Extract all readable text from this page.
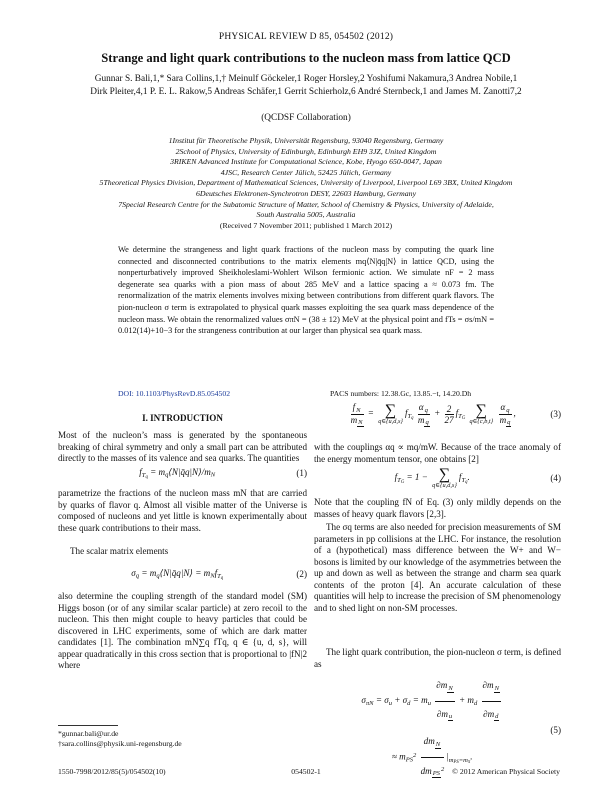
PHYSICAL REVIEW D 85, 054502 (2012)
Strange and light quark contributions to the nucleon mass from lattice QCD
Gunnar S. Bali,1,* Sara Collins,1,† Meinulf Göckeler,1 Roger Horsley,2 Yoshifumi Nakamura,3 Andrea Nobile,1
Dirk Pleiter,4,1 P. E. L. Rakow,5 Andreas Schäfer,1 Gerrit Schierholz,6 André Sternbeck,1 and James M. Zanotti7,2
(QCDSF Collaboration)
1Institut für Theoretische Physik, Universität Regensburg, 93040 Regensburg, Germany
2School of Physics, University of Edinburgh, Edinburgh EH9 3JZ, United Kingdom
3RIKEN Advanced Institute for Computational Science, Kobe, Hyogo 650-0047, Japan
4JSC, Research Center Jülich, 52425 Jülich, Germany
5Theoretical Physics Division, Department of Mathematical Sciences, University of Liverpool, Liverpool L69 3BX, United Kingdom
6Deutsches Elektronen-Synchrotron DESY, 22603 Hamburg, Germany
7Special Research Centre for the Subatomic Structure of Matter, School of Chemistry & Physics, University of Adelaide,
South Australia 5005, Australia
(Received 7 November 2011; published 1 March 2012)
We determine the strangeness and light quark fractions of the nucleon mass by computing the quark line connected and disconnected contributions to the matrix elements mq⟨N|q̄q|N⟩ in lattice QCD, using the nonperturbatively improved Sheikholeslami-Wohlert Wilson fermionic action. We simulate nF = 2 mass degenerate sea quarks with a pion mass of about 285 MeV and a lattice spacing a ≈ 0.073 fm. The renormalization of the matrix elements involves mixing between contributions from different quark flavors. The pion-nucleon σ term is extrapolated to physical quark masses exploiting the sea quark mass dependence of the nucleon mass. We obtain the renormalized values σπN = (38 ± 12) MeV at the physical point and fTs = σs/mN = 0.012(14)+10−3 for the strangeness contribution at our larger than physical sea quark mass.
DOI: 10.1103/PhysRevD.85.054502	PACS numbers: 12.38.Gc, 13.85.−t, 14.20.Dh
I. INTRODUCTION
Most of the nucleon’s mass is generated by the spontaneous breaking of chiral symmetry and only a small part can be attributed directly to the masses of its valence and sea quarks. The quantities
$f_{T_q}$ = $m_q⟨N|q̄q|N⟩/m_N$	(1)
parametrize the fractions of the nucleon mass mN that are carried by quarks of flavor q. Almost all visible matter of the Universe is composed of nucleons and yet little is known experimentally about these quark contributions to their mass.
The scalar matrix elements
$\sigma_q$ = $m_q⟨N|q̄q|N⟩ = m_Nf_{T_q}$	(2)
also determine the coupling strength of the standard model (SM) Higgs boson (or of any similar scalar particle) at zero recoil to the nucleon. This then might couple to heavy particles that could be discovered in LHC experiments, some of which are dark matter candidates [1]. The combination mN∑q fTq, q ∈ {u, d, s}, will appear quadratically in this cross section that is proportional to |fN|2 where
*gunnar.bali@ur.de
†sara.collins@physik.uni-regensburg.de
$\frac{f_N}{m_N}$ = ∑
q∈{u,d,s}
$f_{T_q} \frac{\alpha_q}{m_q} + \frac{2}{27} f_{T_G}$ ∑
q∈{c,b,t}
$\frac{\alpha_q}{m_q}$ ,	(3)
with the couplings αq ∝ mq/mW. Because of the trace anomaly of the energy momentum tensor, one obtains [2]
$f_{T_G} = 1$ − ∑
q∈{u,d,s}
$f_{T_q}$.	(4)
Note that the coupling fN of Eq. (3) only mildly depends on the masses of heavy quark flavors [2,3].
The σq terms are also needed for precision measurements of SM parameters in pp collisions at the LHC. For instance, the resolution of a (hypothetical) mass difference between the W+ and W− bosons is limited by our knowledge of the asymmetries between the up and down as well as between the strange and charm sea quark contents of the proton [4]. An accurate calculation of these quantities will help to increase the precision of SM phenomenology and to shed light on non-SM processes.
The light quark contribution, the pion-nucleon σ term, is defined as
$\sigma_{\pi N} = \sigma_u + \sigma_d = m_u \frac{\partial m_N}{\partial m_u} + m_d \frac{\partial m_N}{\partial m_d}$

≈ $m_{PS}^2 \frac{dm_N}{dm_{PS}^2} |_{m_{PS}=m_\pi}$.
(5)
1550-7998/2012/85(5)/054502(10)	054502-1	© 2012 American Physical Society
